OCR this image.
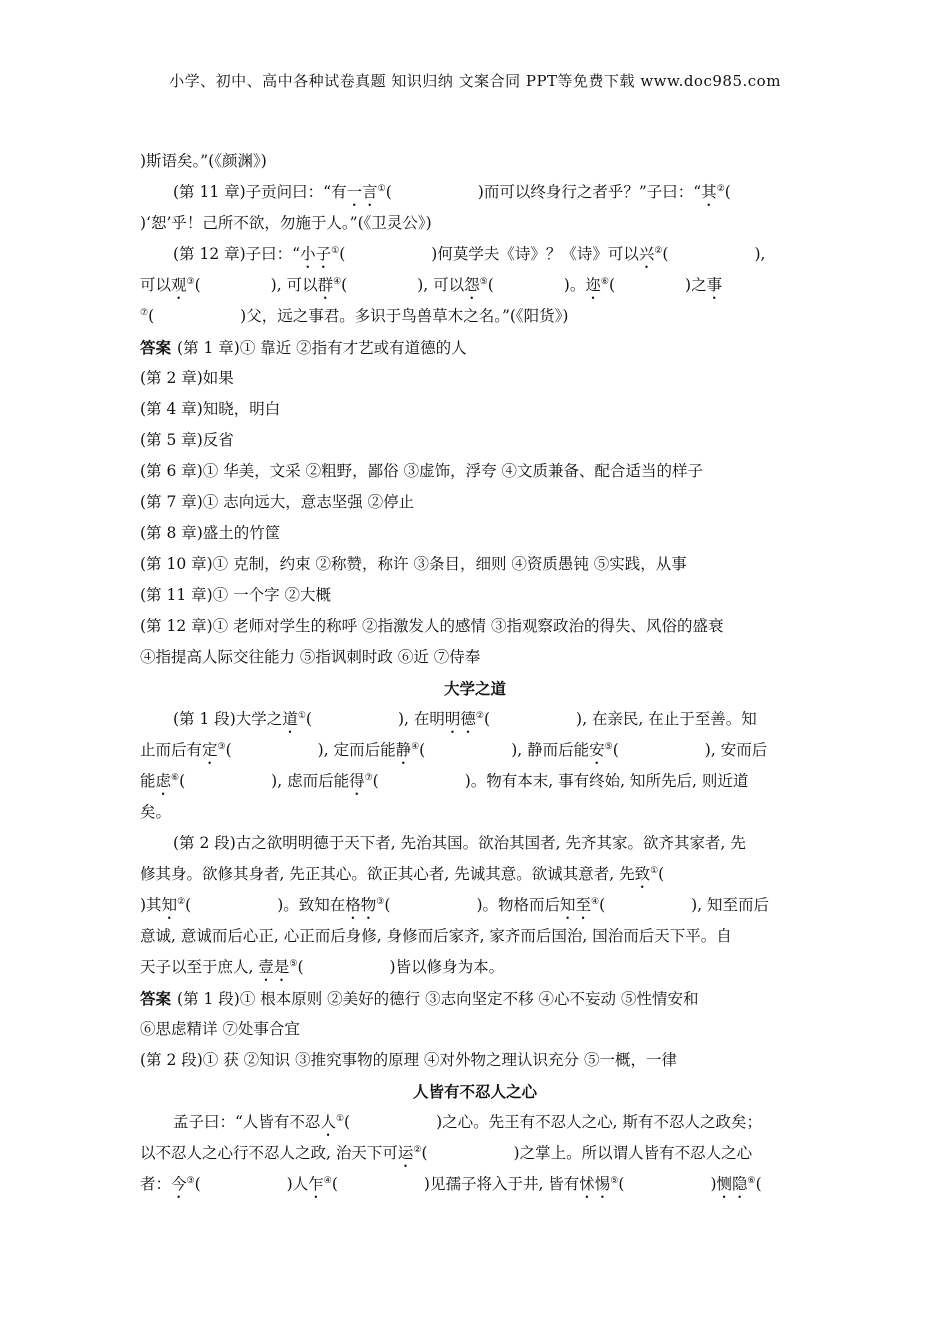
小学、初中、高中各种试卷真题 知识归纳 文案合同 PPT等免费下载 www.doc985.com
)斯语矣。”(《颜渊》)
(第 11 章)子贡问曰：“有一言①(	)而可以终身行之者乎？”子曰：“其②(
)‘恕’乎！己所不欲，勿施于人。”(《卫灵公》)
(第 12 章)子曰：“小子①(	)何莫学夫《诗》？《诗》可以兴②(	),
可以观③(	), 可以群④(	), 可以怨⑤(	)。迩⑥(	)之事
⑦(	)父，远之事君。多识于鸟兽草木之名。”(《阳货》)
答案 (第 1 章)① 靠近 ②指有才艺或有道德的人
(第 2 章)如果
(第 4 章)知晓，明白
(第 5 章)反省
(第 6 章)① 华美，文采 ②粗野，鄙俗 ③虚饰，浮夸 ④文质兼备、配合适当的样子
(第 7 章)① 志向远大，意志坚强 ②停止
(第 8 章)盛土的竹筐
(第 10 章)① 克制，约束 ②称赞，称许 ③条目，细则 ④资质愚钝 ⑤实践，从事
(第 11 章)① 一个字 ②大概
(第 12 章)① 老师对学生的称呼 ②指激发人的感情 ③指观察政治的得失、风俗的盛衰
④指提高人际交往能力 ⑤指讽刺时政 ⑥近 ⑦侍奉
大学之道
(第 1 段)大学之道①(	), 在明明德②(	), 在亲民, 在止于至善。知
止而后有定③(	), 定而后能静④(	), 静而后能安⑤(	), 安而后
能虑⑥(	), 虑而后能得⑦(	)。物有本末, 事有终始, 知所先后, 则近道
矣。
(第 2 段)古之欲明明德于天下者, 先治其国。欲治其国者, 先齐其家。欲齐其家者, 先
修其身。欲修其身者, 先正其心。欲正其心者, 先诚其意。欲诚其意者, 先致①(
)其知②(	)。致知在格物③(	)。物格而后知至④(	), 知至而后
意诚, 意诚而后心正, 心正而后身修, 身修而后家齐, 家齐而后国治, 国治而后天下平。自
天子以至于庶人, 壹是⑤(	)皆以修身为本。
答案 (第 1 段)① 根本原则 ②美好的德行 ③志向坚定不移 ④心不妄动 ⑤性情安和
⑥思虑精详 ⑦处事合宜
(第 2 段)① 获 ②知识 ③推究事物的原理 ④对外物之理认识充分 ⑤一概，一律
人皆有不忍人之心
孟子曰：“人皆有不忍人①(	)之心。先王有不忍人之心, 斯有不忍人之政矣；
以不忍人之心行不忍人之政, 治天下可运②(	)之掌上。所以谓人皆有不忍人之心
者：今③(	)人乍④(	)见孺子将入于井, 皆有怵惕⑤(	)恻隐⑥(
